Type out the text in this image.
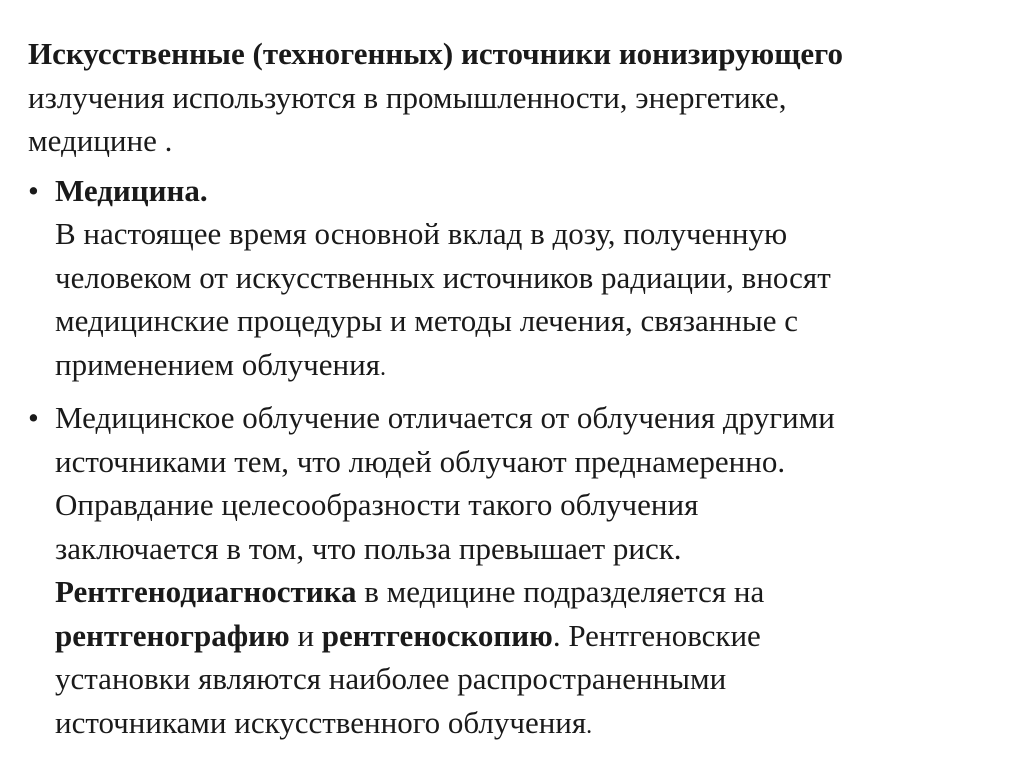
Искусственные (техногенных) источники ионизирующего
излучения используются в промышленности, энергетике,
медицине .
• Медицина.
В настоящее время основной вклад в дозу, полученную
человеком от искусственных источников радиации, вносят
медицинские процедуры и методы лечения, связанные с
применением облучения.
• Медицинское облучение отличается от облучения другими
источниками тем, что людей облучают преднамеренно.
Оправдание целесообразности такого облучения
заключается в том, что польза превышает риск.
Рентгенодиагностика в медицине подразделяется на
рентгенографию и рентгеноскопию. Рентгеновские
установки являются наиболее распространенными
источниками искусственного облучения.
